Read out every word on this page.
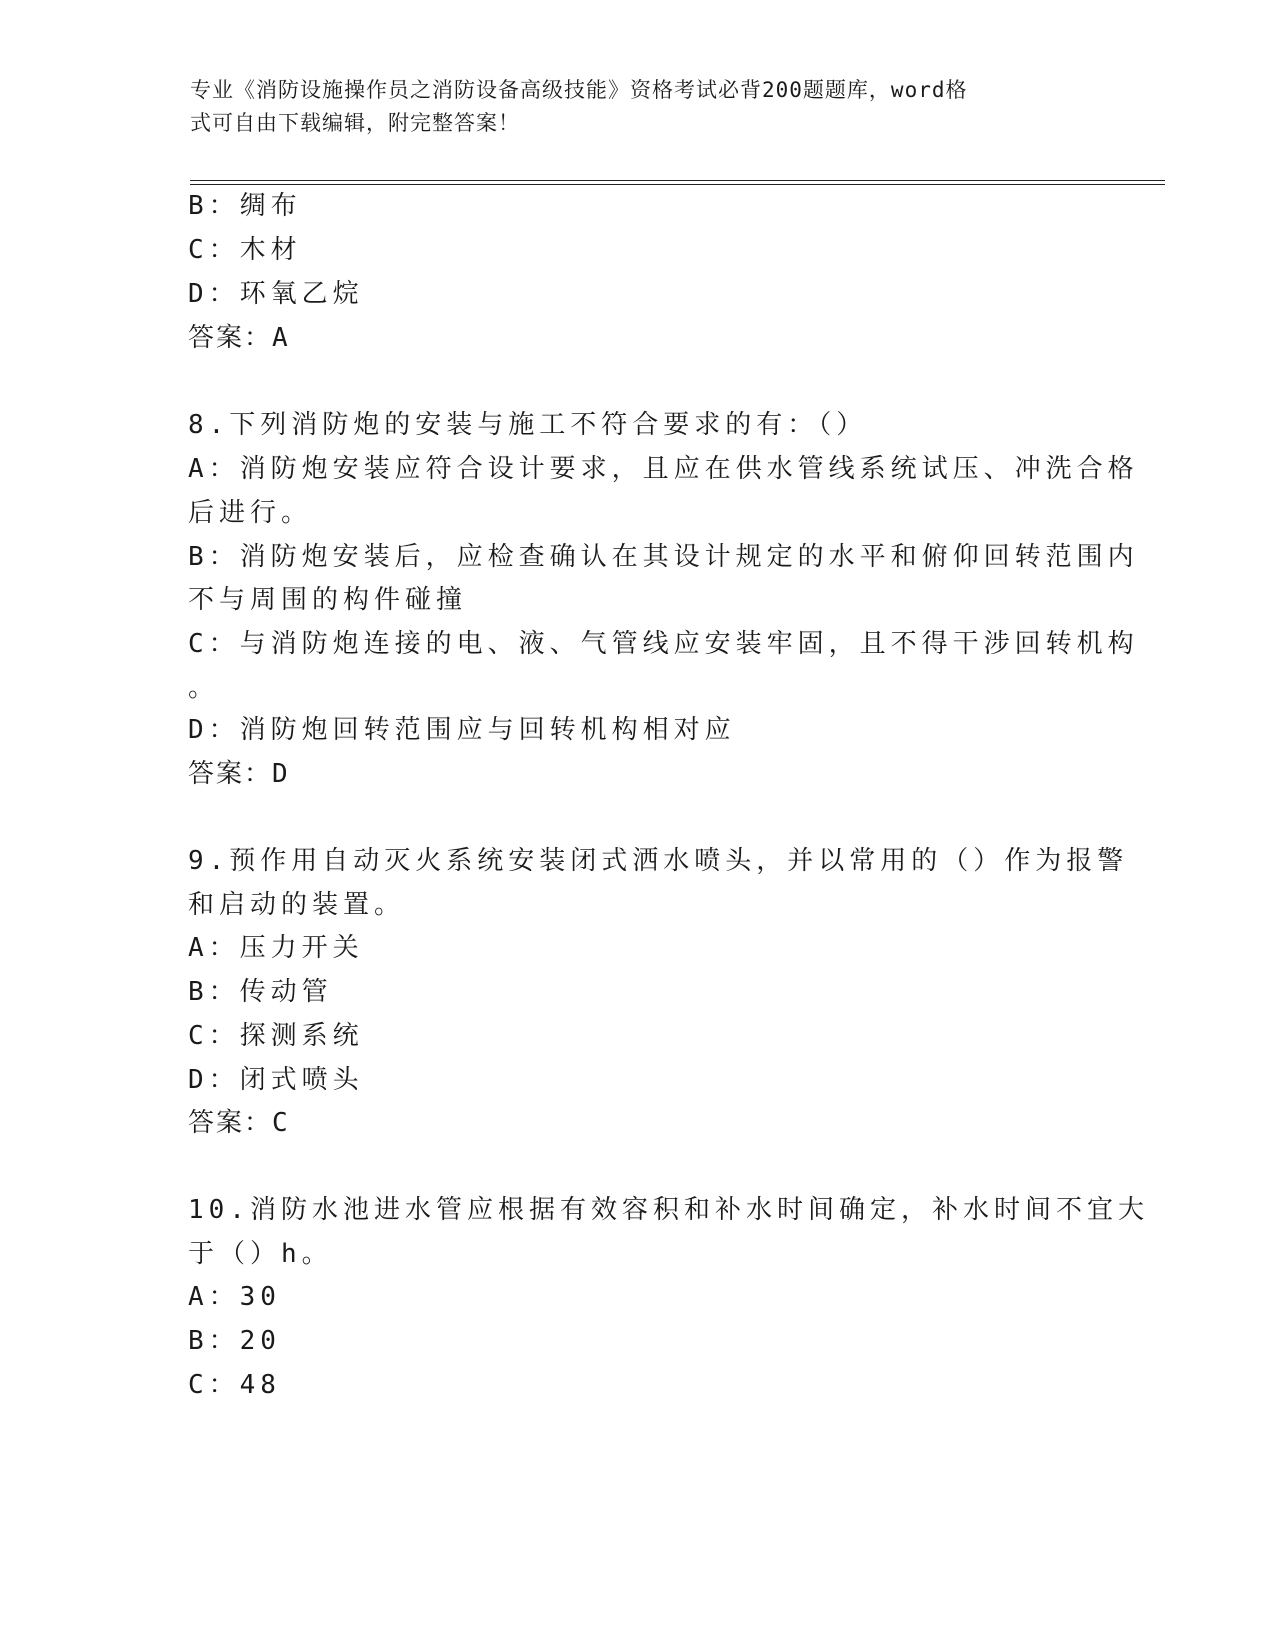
专业《消防设施操作员之消防设备高级技能》资格考试必背200题题库，word格
式可自由下载编辑，附完整答案！
B：绸布
C：木材
D：环氧乙烷
答案：A
8.下列消防炮的安装与施工不符合要求的有：（）
A：消防炮安装应符合设计要求，且应在供水管线系统试压、冲洗合格
后进行。
B：消防炮安装后，应检查确认在其设计规定的水平和俯仰回转范围内
不与周围的构件碰撞
C：与消防炮连接的电、液、气管线应安装牢固，且不得干涉回转机构
。
D：消防炮回转范围应与回转机构相对应
答案：D
9.预作用自动灭火系统安装闭式洒水喷头，并以常用的（）作为报警
和启动的装置。
A：压力开关
B：传动管
C：探测系统
D：闭式喷头
答案：C
10.消防水池进水管应根据有效容积和补水时间确定，补水时间不宜大
于（）h。
A：30
B：20
C：48
